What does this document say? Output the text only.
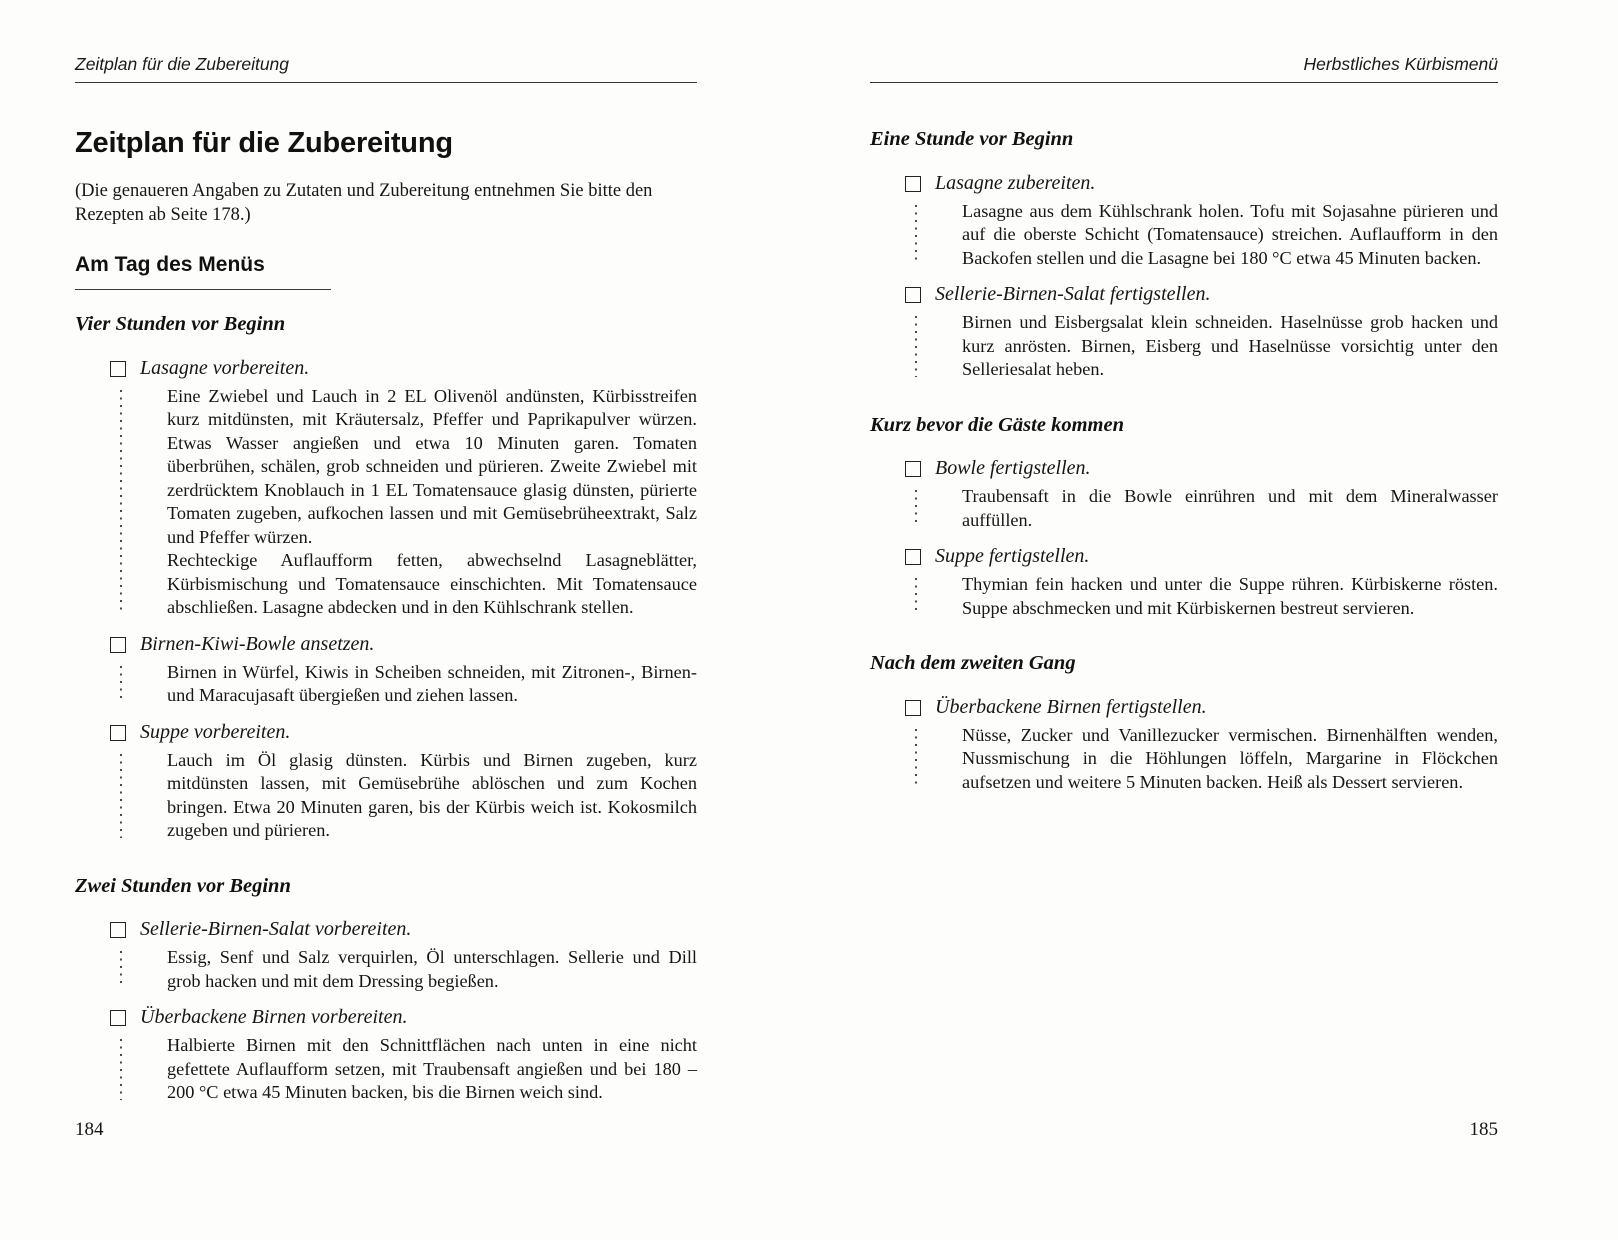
Zeitplan für die Zubereitung
Zeitplan für die Zubereitung

(Die genaueren Angaben zu Zutaten und Zubereitung entnehmen Sie bitte den Rezepten ab Seite 178.)

Am Tag des Menüs
Vier Stunden vor Beginn
Lasagne vorbereiten.

Eine Zwiebel und Lauch in 2 EL Olivenöl andünsten, Kürbisstreifen kurz mitdünsten, mit Kräutersalz, Pfeffer und Paprikapulver würzen. Etwas Wasser angießen und etwa 10 Minuten garen. Tomaten überbrühen, schälen, grob schneiden und pürieren. Zweite Zwiebel mit zerdrücktem Knoblauch in 1 EL Tomatensauce glasig dünsten, pürierte Tomaten zugeben, aufkochen lassen und mit Gemüsebrüheextrakt, Salz und Pfeffer würzen.

Rechteckige Auflaufform fetten, abwechselnd Lasagneblätter, Kürbismischung und Tomatensauce einschichten. Mit Tomatensauce abschließen. Lasagne abdecken und in den Kühlschrank stellen.

Birnen-Kiwi-Bowle ansetzen.

Birnen in Würfel, Kiwis in Scheiben schneiden, mit Zitronen-, Birnen- und Maracujasaft übergießen und ziehen lassen.

Suppe vorbereiten.

Lauch im Öl glasig dünsten. Kürbis und Birnen zugeben, kurz mitdünsten lassen, mit Gemüsebrühe ablöschen und zum Kochen bringen. Etwa 20 Minuten garen, bis der Kürbis weich ist. Kokosmilch zugeben und pürieren.

Zwei Stunden vor Beginn
Sellerie-Birnen-Salat vorbereiten.

Essig, Senf und Salz verquirlen, Öl unterschlagen. Sellerie und Dill grob hacken und mit dem Dressing begießen.

Überbackene Birnen vorbereiten.

Halbierte Birnen mit den Schnittflächen nach unten in eine nicht gefettete Auflaufform setzen, mit Traubensaft angießen und bei 180 – 200 °C etwa 45 Minuten backen, bis die Birnen weich sind.

184
Herbstliches Kürbismenü
Eine Stunde vor Beginn
Lasagne zubereiten.

Lasagne aus dem Kühlschrank holen. Tofu mit Sojasahne pürieren und auf die oberste Schicht (Tomatensauce) streichen. Auflaufform in den Backofen stellen und die Lasagne bei 180 °C etwa 45 Minuten backen.

Sellerie-Birnen-Salat fertigstellen.

Birnen und Eisbergsalat klein schneiden. Haselnüsse grob hacken und kurz anrösten. Birnen, Eisberg und Haselnüsse vorsichtig unter den Selleriesalat heben.

Kurz bevor die Gäste kommen
Bowle fertigstellen.

Traubensaft in die Bowle einrühren und mit dem Mineralwasser auffüllen.

Suppe fertigstellen.

Thymian fein hacken und unter die Suppe rühren. Kürbiskerne rösten. Suppe abschmecken und mit Kürbiskernen bestreut servieren.

Nach dem zweiten Gang
Überbackene Birnen fertigstellen.

Nüsse, Zucker und Vanillezucker vermischen. Birnenhälften wenden, Nussmischung in die Höhlungen löffeln, Margarine in Flöckchen aufsetzen und weitere 5 Minuten backen. Heiß als Dessert servieren.

185
